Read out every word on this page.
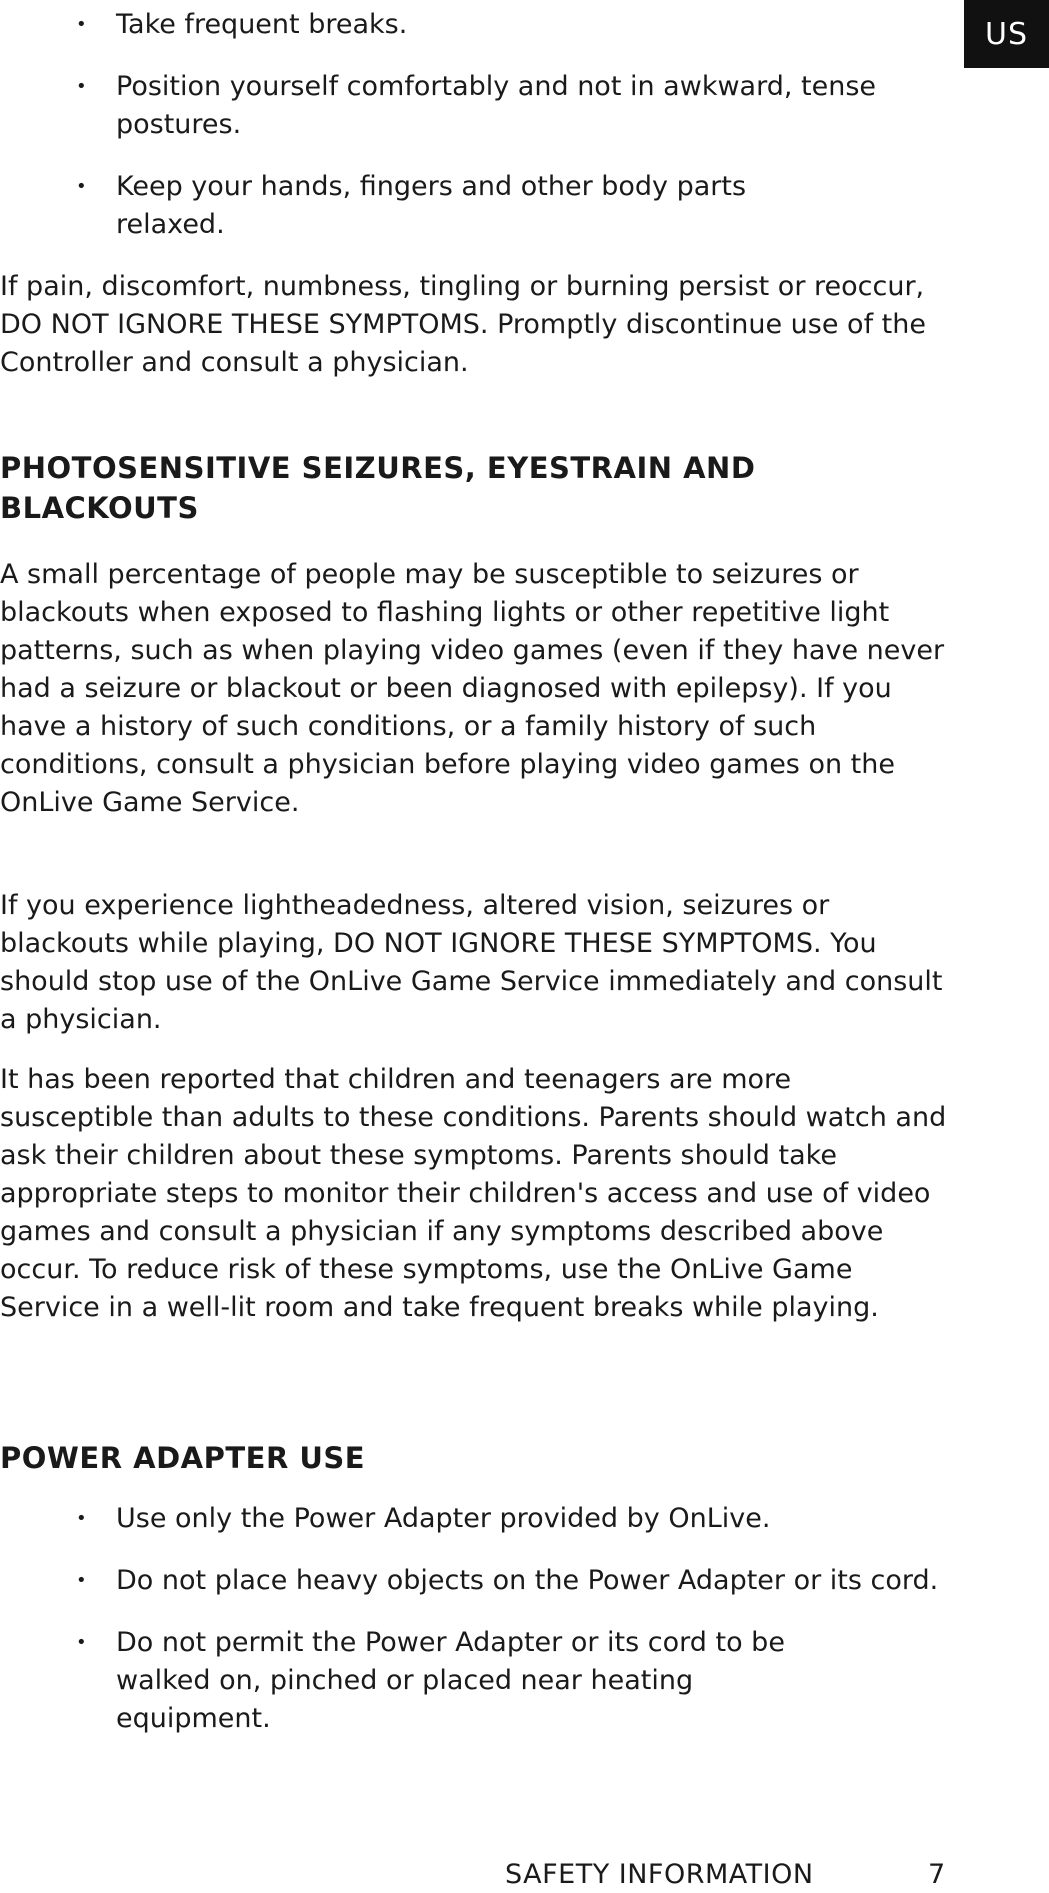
US
• Take frequent breaks.
• Position yourself comfortably and not in awkward, tense postures.
• Keep your hands, fingers and other body parts relaxed.

If pain, discomfort, numbness, tingling or burning persist or reoccur, DO NOT IGNORE THESE SYMPTOMS. Promptly discontinue use of the Controller and consult a physician.

PHOTOSENSITIVE SEIZURES, EYESTRAIN AND BLACKOUTS

A small percentage of people may be susceptible to seizures or blackouts when exposed to flashing lights or other repetitive light patterns, such as when playing video games (even if they have never had a seizure or blackout or been diagnosed with epilepsy). If you have a history of such conditions, or a family history of such conditions, consult a physician before playing video games on the OnLive Game Service.

If you experience lightheadedness, altered vision, seizures or blackouts while playing, DO NOT IGNORE THESE SYMPTOMS. You should stop use of the OnLive Game Service immediately and consult a physician.

It has been reported that children and teenagers are more susceptible than adults to these conditions. Parents should watch and ask their children about these symptoms. Parents should take appropriate steps to monitor their children's access and use of video games and consult a physician if any symptoms described above occur. To reduce risk of these symptoms, use the OnLive Game Service in a well-lit room and take frequent breaks while playing.

POWER ADAPTER USE
• Use only the Power Adapter provided by OnLive.
• Do not place heavy objects on the Power Adapter or its cord.
• Do not permit the Power Adapter or its cord to be walked on, pinched or placed near heating equipment.
SAFETY INFORMATION	7
